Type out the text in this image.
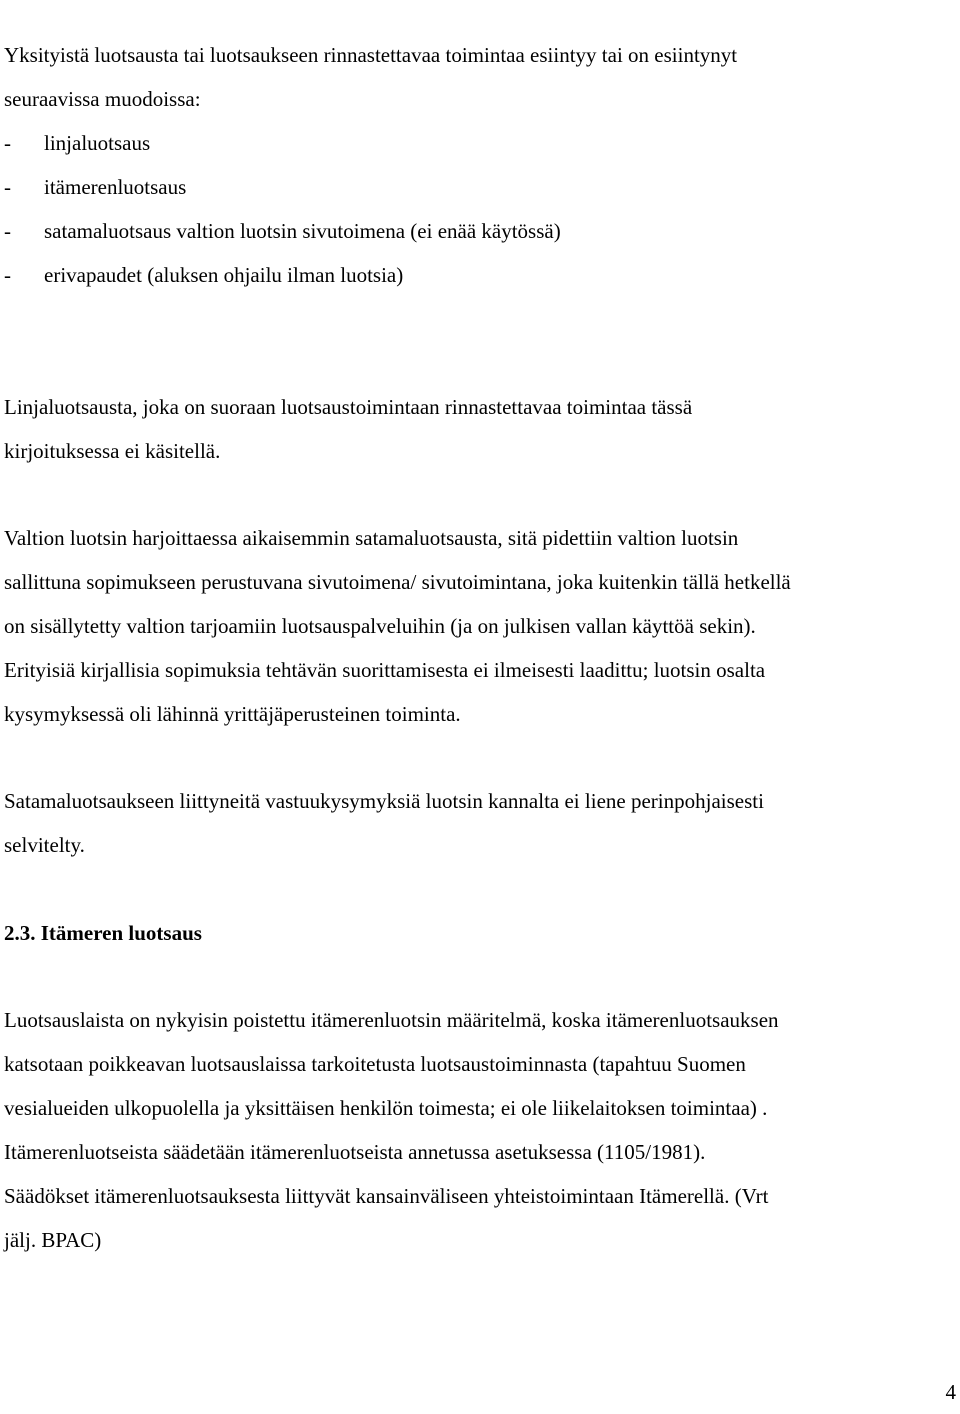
Yksityistä luotsausta tai luotsaukseen rinnastettavaa toimintaa esiintyy tai on esiintynyt
seuraavissa muodoissa:
- linjaluotsaus
- itämerenluotsaus
- satamaluotsaus valtion luotsin sivutoimena (ei enää käytössä)
- erivapaudet (aluksen ohjailu ilman luotsia)
Linjaluotsausta, joka on suoraan luotsaustoimintaan rinnastettavaa toimintaa tässä
kirjoituksessa ei käsitellä.
Valtion luotsin harjoittaessa aikaisemmin satamaluotsausta, sitä pidettiin valtion luotsin
sallittuna sopimukseen perustuvana sivutoimena/ sivutoimintana, joka kuitenkin tällä hetkellä
on sisällytetty valtion tarjoamiin luotsauspalveluihin (ja on julkisen vallan käyttöä sekin).
Erityisiä kirjallisia sopimuksia tehtävän suorittamisesta ei ilmeisesti laadittu; luotsin osalta
kysymyksessä oli lähinnä yrittäjäperusteinen toiminta.
Satamaluotsaukseen liittyneitä vastuukysymyksiä luotsin kannalta ei liene perinpohjaisesti
selvitelty.
2.3. Itämeren luotsaus
Luotsauslaista on nykyisin poistettu itämerenluotsin määritelmä, koska itämerenluotsauksen
katsotaan poikkeavan luotsauslaissa tarkoitetusta luotsaustoiminnasta (tapahtuu Suomen
vesialueiden ulkopuolella ja yksittäisen henkilön toimesta; ei ole liikelaitoksen toimintaa) .
Itämerenluotseista säädetään itämerenluotseista annetussa asetuksessa (1105/1981).
Säädökset itämerenluotsauksesta liittyvät kansainväliseen yhteistoimintaan Itämerellä. (Vrt
jälj. BPAC)
4
